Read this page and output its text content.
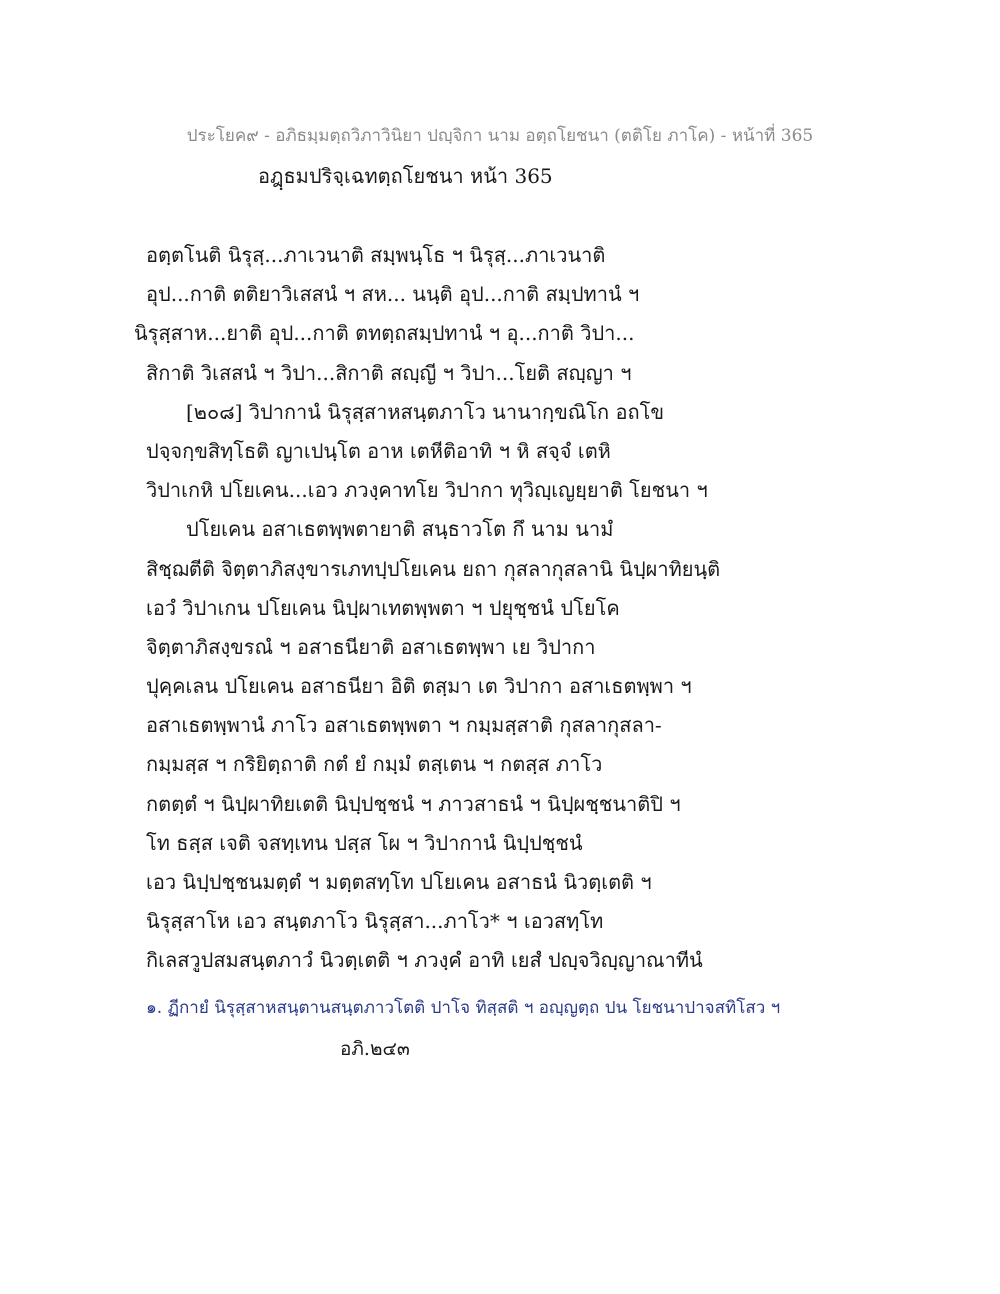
ประโยค๙ - อภิธมฺมตฺถวิภาวินิยา ปญฺจิกา นาม อตฺถโยชนา (ตติโย ภาโค) - หน้าที่ 365
อฎฺธมปริจฺเฉทตฺถโยชนา หน้า 365
อตฺตโนติ นิรุสฺ...ภาเวนาติ สมฺพนฺโธ ฯ นิรุสฺ...ภาเวนาติ
อุป...กาติ ตติยาวิเสสนํ ฯ สห... นนฺติ อุป...กาติ สมฺปทานํ ฯ
นิรุสฺสาห...ยาติ อุป...กาติ ตทตฺถสมฺปทานํ ฯ อุ...กาติ วิปา...
สิกาติ วิเสสนํ ฯ วิปา...สิกาติ สญฺญี ฯ วิปา...โยติ สญฺญา ฯ
[๒๐๘] วิปากานํ นิรุสฺสาหสนฺตภาโว นานากฺขณิโก อถโข
ปจฺจกฺขสิทฺโธติ ญาเปนฺโต อาห เตหีติอาทิ ฯ หิ สจฺจํ เตหิ
วิปาเกหิ ปโยเคน...เอว ภวงฺคาทโย วิปากา ทุวิญฺเญยฺยาติ โยชนา ฯ
ปโยเคน อสาเธตพฺพตายาติ สนฺธาวโต กึ นาม นามํ
สิชฺฌตีติ จิตฺตาภิสงฺขารเภทปฺปโยเคน ยถา กุสลากุสลานิ นิปฺผาทิยนฺติ
เอวํ วิปาเกน ปโยเคน นิปฺผาเทตพฺพตา ฯ ปยุชฺชนํ ปโยโค
จิตฺตาภิสงฺขรณํ ฯ อสาธนียาติ อสาเธตพฺพา เย วิปากา
ปุคฺคเลน ปโยเคน อสาธนียา อิติ ตสฺมา เต วิปากา อสาเธตพฺพา ฯ
อสาเธตพฺพานํ ภาโว อสาเธตพฺพตา ฯ กมฺมสฺสาติ กุสลากุสลา-
กมฺมสฺส ฯ กริยิตฺถาติ กตํ ยํ กมฺมํ ตสฺเตน ฯ กตสฺส ภาโว
กตตฺตํ ฯ นิปฺผาทิยเตติ นิปฺปชฺชนํ ฯ ภาวสาธนํ ฯ นิปฺผชฺชนาติปิ ฯ
โท ธสฺส เจติ จสทฺเทน ปสฺส โผ ฯ วิปากานํ นิปฺปชฺชนํ
เอว นิปฺปชฺชนมตฺตํ ฯ มตฺตสทฺโท ปโยเคน อสาธนํ นิวตฺเตติ ฯ
นิรุสฺสาโห เอว สนฺตภาโว นิรุสฺสา...ภาโว* ฯ เอวสทฺโท
กิเลสวูปสมสนฺตภาวํ นิวตฺเตติ ฯ ภวงฺคํ อาทิ เยสํ ปญฺจวิญฺญาณาทีนํ
๑. ฏีกายํ นิรุสฺสาหสนฺตานสนฺตภาวโตติ ปาโจ ทิสฺสติ ฯ อญฺญตฺถ ปน โยชนาปาจสทิโสว ฯ
อภิ.๒๔๓
